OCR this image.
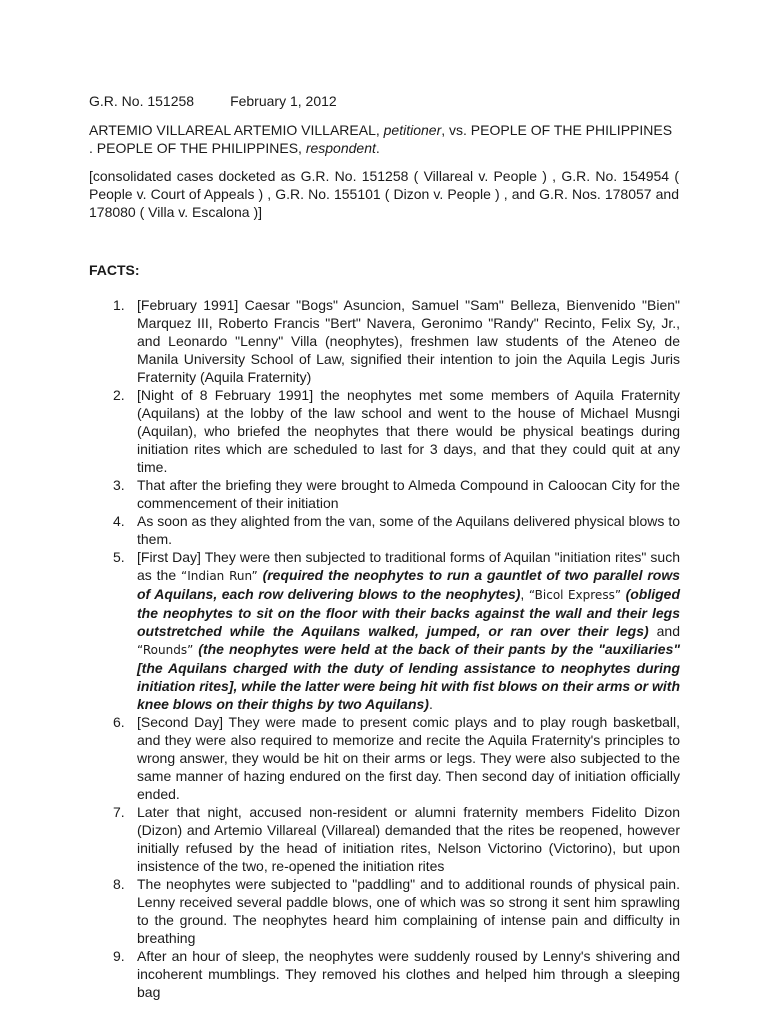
G.R. No. 151258	February 1, 2012
ARTEMIO VILLAREAL ARTEMIO VILLAREAL, petitioner, vs. PEOPLE OF THE PHILIPPINES . PEOPLE OF THE PHILIPPINES, respondent.
[consolidated cases docketed as G.R. No. 151258 ( Villareal v. People ) , G.R. No. 154954 ( People v. Court of Appeals ) , G.R. No. 155101 ( Dizon v. People ) , and G.R. Nos. 178057 and 178080 ( Villa v. Escalona )]
FACTS:
1. [February 1991] Caesar "Bogs" Asuncion, Samuel "Sam" Belleza, Bienvenido "Bien" Marquez III, Roberto Francis "Bert" Navera, Geronimo "Randy" Recinto, Felix Sy, Jr., and Leonardo "Lenny" Villa (neophytes), freshmen law students of the Ateneo de Manila University School of Law, signified their intention to join the Aquila Legis Juris Fraternity (Aquila Fraternity)
2. [Night of 8 February 1991] the neophytes met some members of Aquila Fraternity (Aquilans) at the lobby of the law school and went to the house of Michael Musngi (Aquilan), who briefed the neophytes that there would be physical beatings during initiation rites which are scheduled to last for 3 days, and that they could quit at any time.
3. That after the briefing they were brought to Almeda Compound in Caloocan City for the commencement of their initiation
4. As soon as they alighted from the van, some of the Aquilans delivered physical blows to them.
5. [First Day] They were then subjected to traditional forms of Aquilan "initiation rites" such as the “Indian Run” (required the neophytes to run a gauntlet of two parallel rows of Aquilans, each row delivering blows to the neophytes), “Bicol Express” (obliged the neophytes to sit on the floor with their backs against the wall and their legs outstretched while the Aquilans walked, jumped, or ran over their legs) and “Rounds” (the neophytes were held at the back of their pants by the "auxiliaries" [the Aquilans charged with the duty of lending assistance to neophytes during initiation rites], while the latter were being hit with fist blows on their arms or with knee blows on their thighs by two Aquilans).
6. [Second Day] They were made to present comic plays and to play rough basketball, and they were also required to memorize and recite the Aquila Fraternity's principles to wrong answer, they would be hit on their arms or legs. They were also subjected to the same manner of hazing endured on the first day. Then second day of initiation officially ended.
7. Later that night, accused non-resident or alumni fraternity members Fidelito Dizon (Dizon) and Artemio Villareal (Villareal) demanded that the rites be reopened, however initially refused by the head of initiation rites, Nelson Victorino (Victorino), but upon insistence of the two, re-opened the initiation rites
8. The neophytes were subjected to "paddling" and to additional rounds of physical pain. Lenny received several paddle blows, one of which was so strong it sent him sprawling to the ground. The neophytes heard him complaining of intense pain and difficulty in breathing
9. After an hour of sleep, the neophytes were suddenly roused by Lenny's shivering and incoherent mumblings. They removed his clothes and helped him through a sleeping bag
